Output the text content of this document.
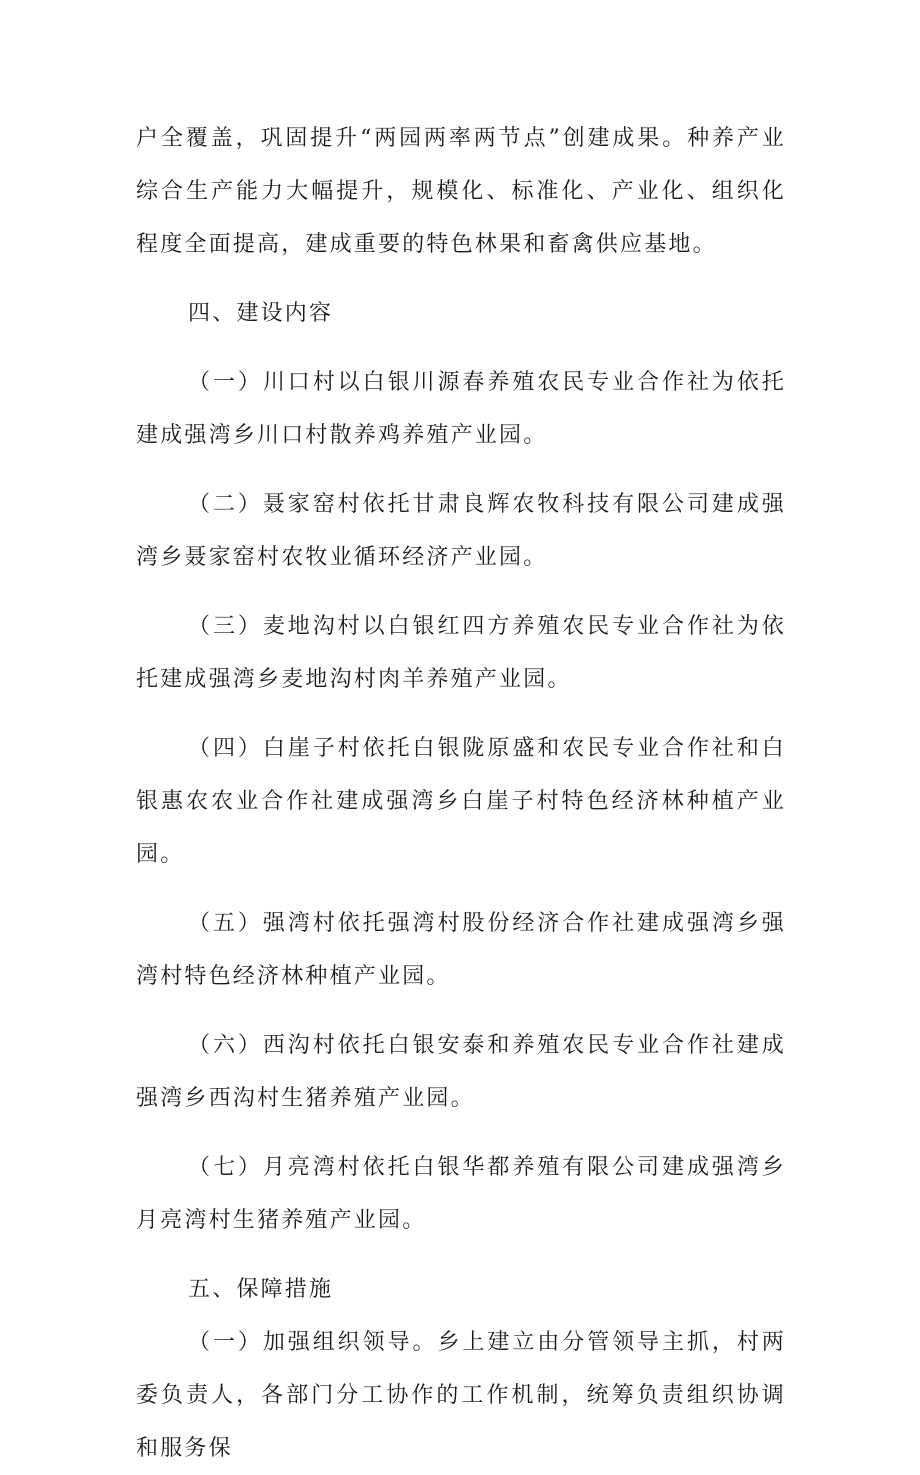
户全覆盖，巩固提升“两园两率两节点”创建成果。种养产业综合生产能力大幅提升，规模化、标准化、产业化、组织化程度全面提高，建成重要的特色林果和畜禽供应基地。

四、建设内容

（一）川口村以白银川源春养殖农民专业合作社为依托建成强湾乡川口村散养鸡养殖产业园。

（二）聂家窑村依托甘肃良辉农牧科技有限公司建成强湾乡聂家窑村农牧业循环经济产业园。

（三）麦地沟村以白银红四方养殖农民专业合作社为依托建成强湾乡麦地沟村肉羊养殖产业园。

（四）白崖子村依托白银陇原盛和农民专业合作社和白银惠农农业合作社建成强湾乡白崖子村特色经济林种植产业园。

（五）强湾村依托强湾村股份经济合作社建成强湾乡强湾村特色经济林种植产业园。

（六）西沟村依托白银安泰和养殖农民专业合作社建成强湾乡西沟村生猪养殖产业园。

（七）月亮湾村依托白银华都养殖有限公司建成强湾乡月亮湾村生猪养殖产业园。

五、保障措施

（一）加强组织领导。乡上建立由分管领导主抓，村两委负责人，各部门分工协作的工作机制，统筹负责组织协调和服务保
